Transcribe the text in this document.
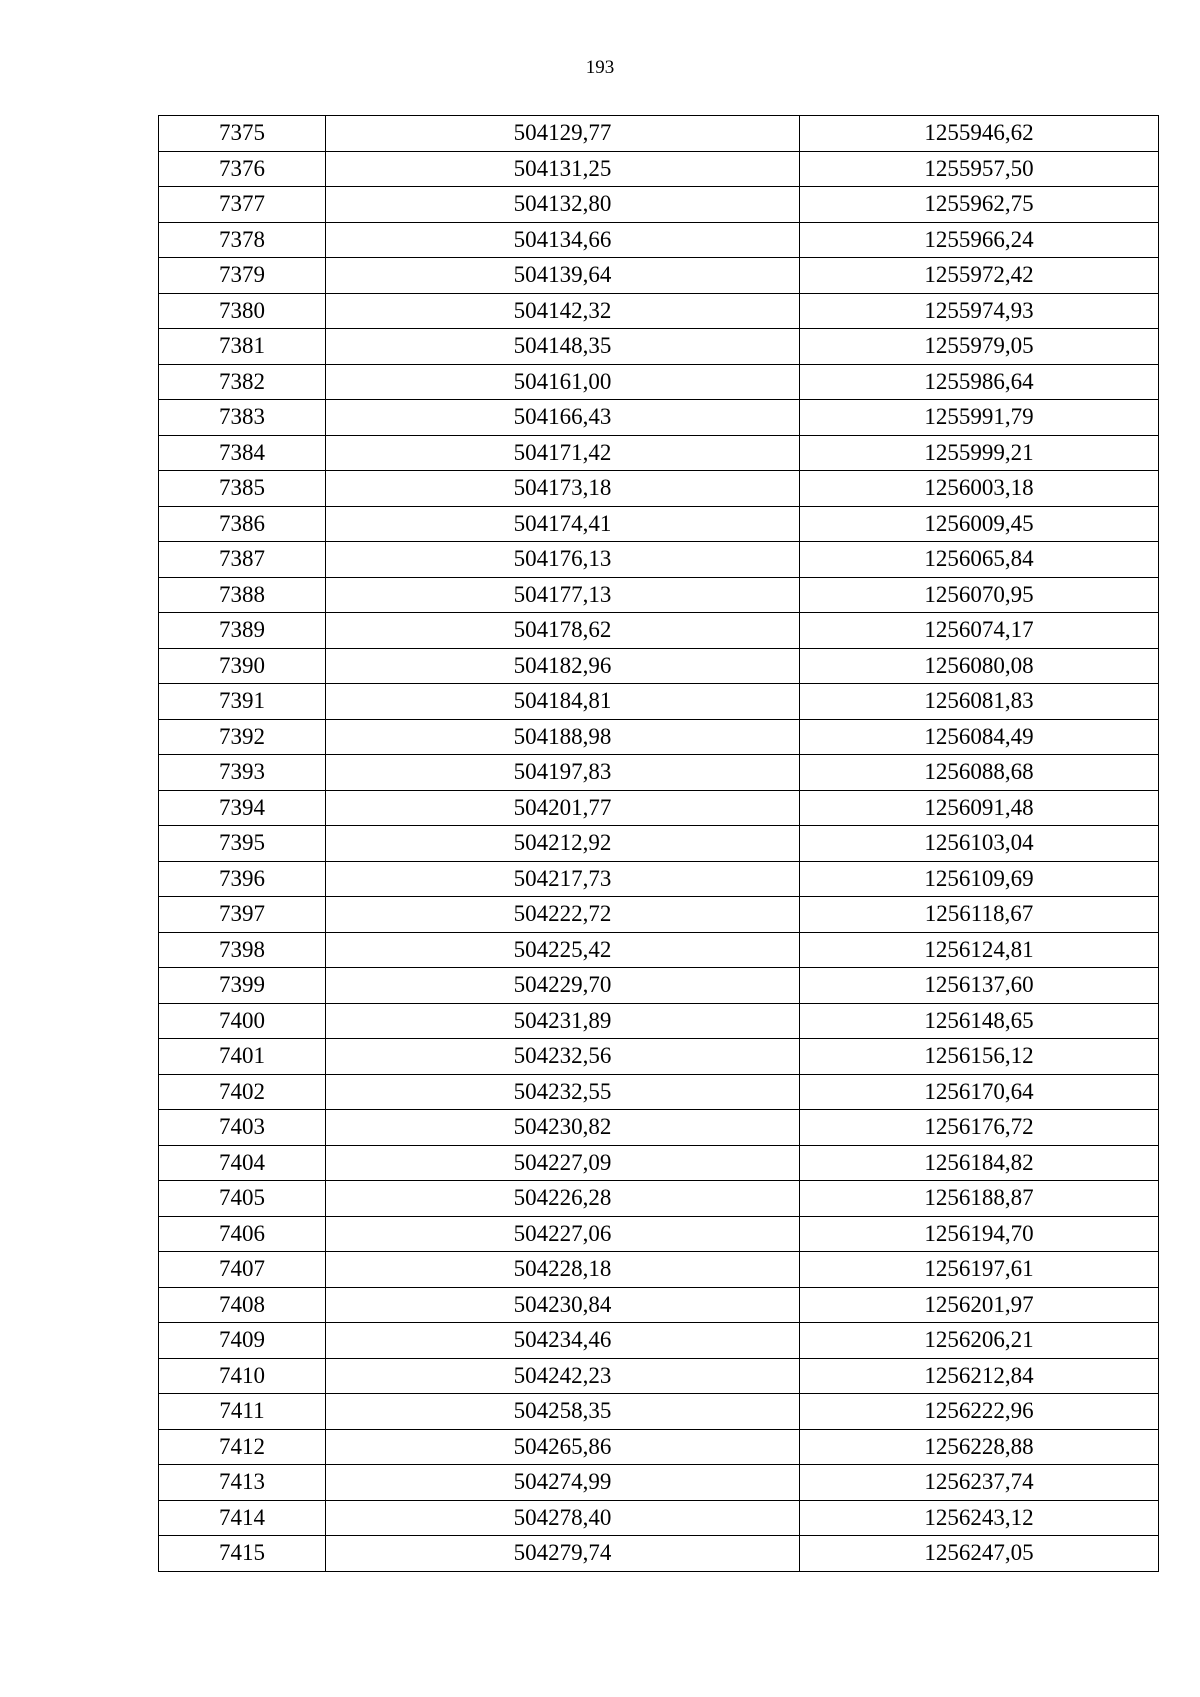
193
7375	504129,77	1255946,62
7376	504131,25	1255957,50
7377	504132,80	1255962,75
7378	504134,66	1255966,24
7379	504139,64	1255972,42
7380	504142,32	1255974,93
7381	504148,35	1255979,05
7382	504161,00	1255986,64
7383	504166,43	1255991,79
7384	504171,42	1255999,21
7385	504173,18	1256003,18
7386	504174,41	1256009,45
7387	504176,13	1256065,84
7388	504177,13	1256070,95
7389	504178,62	1256074,17
7390	504182,96	1256080,08
7391	504184,81	1256081,83
7392	504188,98	1256084,49
7393	504197,83	1256088,68
7394	504201,77	1256091,48
7395	504212,92	1256103,04
7396	504217,73	1256109,69
7397	504222,72	1256118,67
7398	504225,42	1256124,81
7399	504229,70	1256137,60
7400	504231,89	1256148,65
7401	504232,56	1256156,12
7402	504232,55	1256170,64
7403	504230,82	1256176,72
7404	504227,09	1256184,82
7405	504226,28	1256188,87
7406	504227,06	1256194,70
7407	504228,18	1256197,61
7408	504230,84	1256201,97
7409	504234,46	1256206,21
7410	504242,23	1256212,84
7411	504258,35	1256222,96
7412	504265,86	1256228,88
7413	504274,99	1256237,74
7414	504278,40	1256243,12
7415	504279,74	1256247,05
